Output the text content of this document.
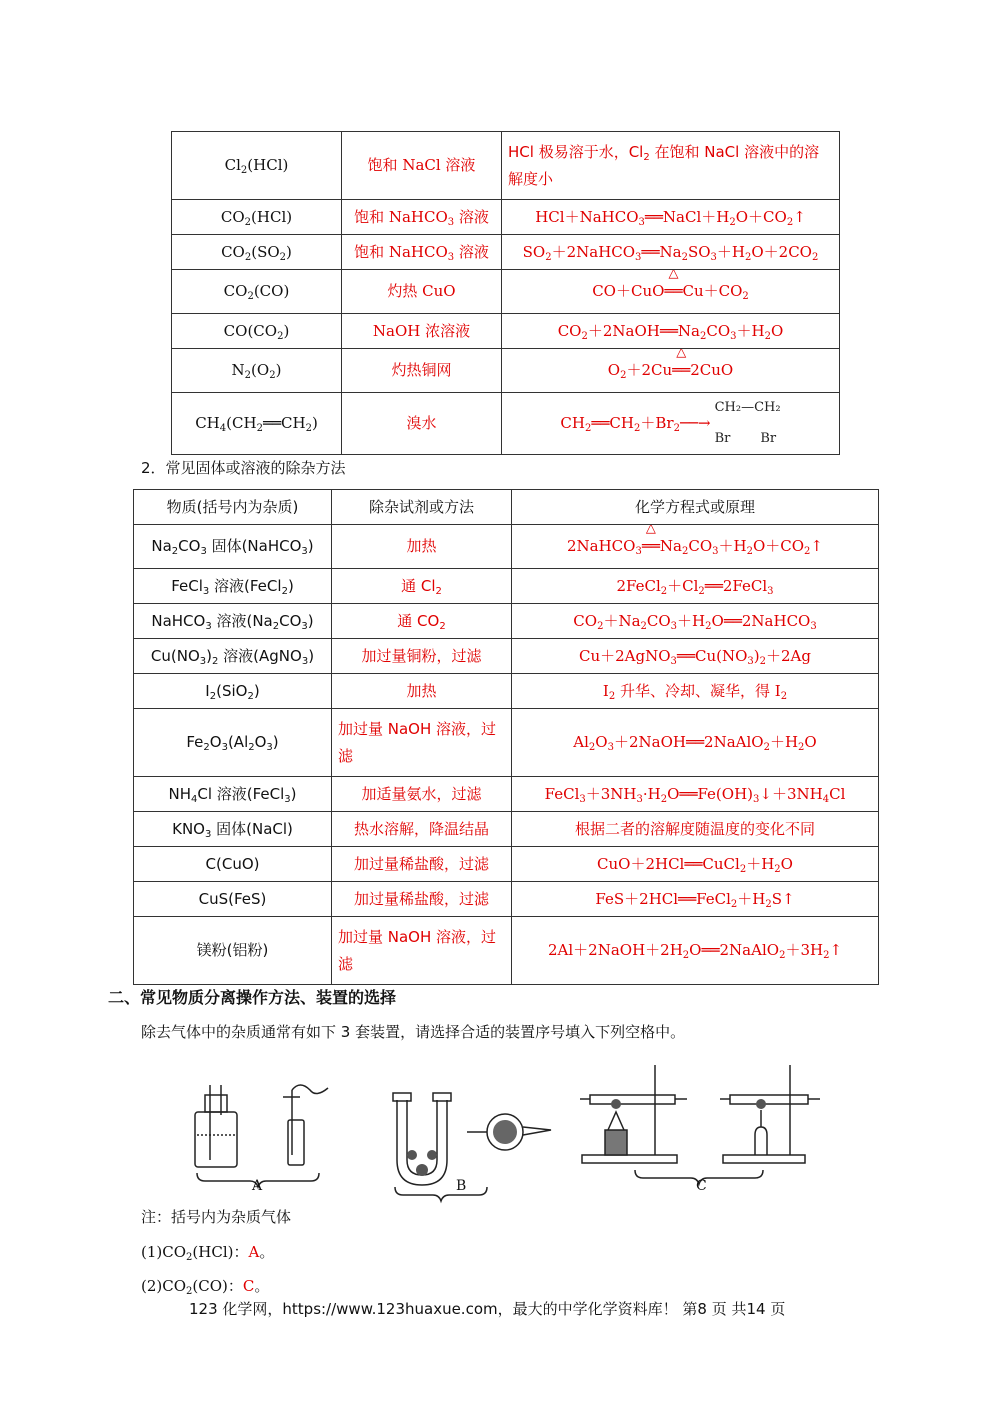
$Cl_2(HCl)$	饱和 NaCl 溶液	HCl 极易溶于水，$Cl_2$ 在饱和 NaCl 溶液中的溶解度小
$CO_2(HCl)$	饱和 NaHCO$_3$ 溶液	$HCl+NaHCO_3══NaCl+H_2O+CO_2↑$
$CO_2(SO_2)$	饱和 NaHCO$_3$ 溶液	$SO_2+2NaHCO_3══Na_2SO_3+H_2O+2CO_2$
$CO_2(CO)$	灼热 CuO	CO＋CuO△ $══Cu+CO_2$
$CO(CO_2)$	NaOH 浓溶液	$CO_2+2NaOH══Na_2CO_3+H_2O$
$N_2(O_2)$	灼热铜网	$O_2+2Cu\triangle$ ══2CuO
$CH_4(CH_2══CH_2)$	溴水	$CH_2══CH_2+Br_2──\to$
CH₂—CH₂
Br Br
2．常见固体或溶液的除杂方法
物质(括号内为杂质)	除杂试剂或方法	化学方程式或原理
$Na_2CO_3$ 固体(NaHCO$_3$)	加热	2NaHCO$_3$△ $══Na_2CO_3+H_2O+CO_2↑$
FeCl$_3$ 溶液(FeCl$_2$)	通 $Cl_2$	$2FeCl_2+Cl_2══2FeCl_3$
NaHCO$_3$ 溶液$(Na_2CO_3)$	通 $CO_2$	$CO_2+Na_2CO_3+H_2O══2NaHCO_3$
$Cu(NO_3)_2$ 溶液(AgNO$_3$)	加过量铜粉，过滤	$Cu+2AgNO_3══Cu(NO_3)_2+2Ag$
$I_2(SiO_2)$	加热	$I_2$ 升华、冷却、凝华，得 $I_2$
$Fe_2O_3(Al_2O_3)$	加过量 NaOH 溶液，过滤	$Al_2O_3+2NaOH══2NaAlO_2+H_2O$
$NH_4Cl$ 溶液(FeCl$_3$)	加适量氨水，过滤	$FeCl_3+3NH_3\cdot H_2O══Fe(OH)_3↓+3NH_4Cl$
$KNO_3$ 固体(NaCl)	热水溶解，降温结晶	根据二者的溶解度随温度的变化不同
C(CuO)	加过量稀盐酸，过滤	$CuO+2HCl══CuCl_2+H_2O$
CuS(FeS)	加过量稀盐酸，过滤	$FeS+2HCl══FeCl_2+H_2S↑$
镁粉(铝粉)	加过量 NaOH 溶液，过滤	$2Al+2NaOH+2H_2O══2NaAlO_2+3H_2↑$
二、常见物质分离操作方法、装置的选择
除去气体中的杂质通常有如下 3 套装置，请选择合适的装置序号填入下列空格中。
A	B	C
注：括号内为杂质气体
$(1)CO_2(HCl)$：A。
$(2)CO_2(CO)$：C。
123 化学网，https://www.123huaxue.com，最大的中学化学资料库！ 第8 页 共14 页
